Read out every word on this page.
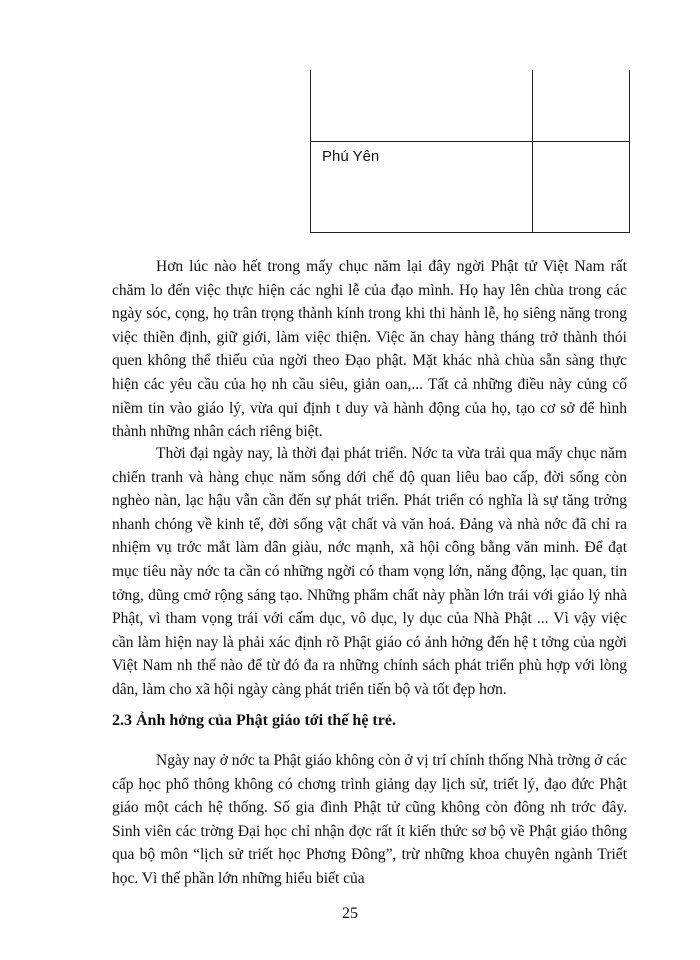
Phú Yên

Hơn lúc nào hết trong mấy chục năm lại đây ngời Phật tử Việt Nam rất chăm lo đến việc thực hiện các nghi lễ của đạo mình. Họ hay lên chùa trong các ngày sóc, cọng, họ trân trọng thành kính trong khi thi hành lễ, họ siêng năng trong việc thiền định, giữ giới, làm việc thiện. Việc ăn chay hàng tháng trở thành thói quen không thể thiếu của ngời theo Đạo phật. Mặt khác nhà chùa sẵn sàng thực hiện các yêu cầu của họ nh cầu siêu, giản oan,... Tất cả những điều này củng cố niềm tin vào giáo lý, vừa qui định t duy và hành động của họ, tạo cơ sở để hình thành những nhân cách riêng biệt.

Thời đại ngày nay, là thời đại phát triển. Nớc ta vừa trải qua mấy chục năm chiến tranh và hàng chục năm sống dới chế độ quan liêu bao cấp, đời sống còn nghèo nàn, lạc hậu vẫn cần đến sự phát triển. Phát triển có nghĩa là sự tăng trởng nhanh chóng về kinh tế, đời sống vật chất và văn hoá. Đảng và nhà nớc đã chỉ ra nhiệm vụ trớc mắt làm dân giàu, nớc mạnh, xã hội công bằng văn minh. Để đạt mục tiêu này nớc ta cần có những ngời có tham vọng lớn, năng động, lạc quan, tin tởng, dũng cmở rộng sáng tạo. Những phẩm chất này phần lớn trái với giáo lý nhà Phật, vì tham vọng trái với cấm dục, vô dục, ly dục của Nhà Phật ... Vì vậy việc cần làm hiện nay là phải xác định rõ Phật giáo có ảnh hởng đến hệ t tởng của ngời Việt Nam nh thế nào để từ đó đa ra những chính sách phát triển phù hợp với lòng dân, làm cho xã hội ngày càng phát triển tiến bộ và tốt đẹp hơn.

2.3 Ảnh hởng của Phật giáo tới thế hệ trẻ.

Ngày nay ở nớc ta Phật giáo không còn ở vị trí chính thống Nhà trờng ở các cấp học phổ thông không có chơng trình giảng dạy lịch sử, triết lý, đạo đức Phật giáo một cách hệ thống. Số gia đình Phật tử cũng không còn đông nh trớc đây. Sinh viên các trờng Đại học chỉ nhận đợc rất ít kiến thức sơ bộ về Phật giáo thông qua bộ môn “lịch sử triết học Phơng Đông”, trừ những khoa chuyên ngành Triết học. Vì thế phần lớn những hiểu biết của

25
